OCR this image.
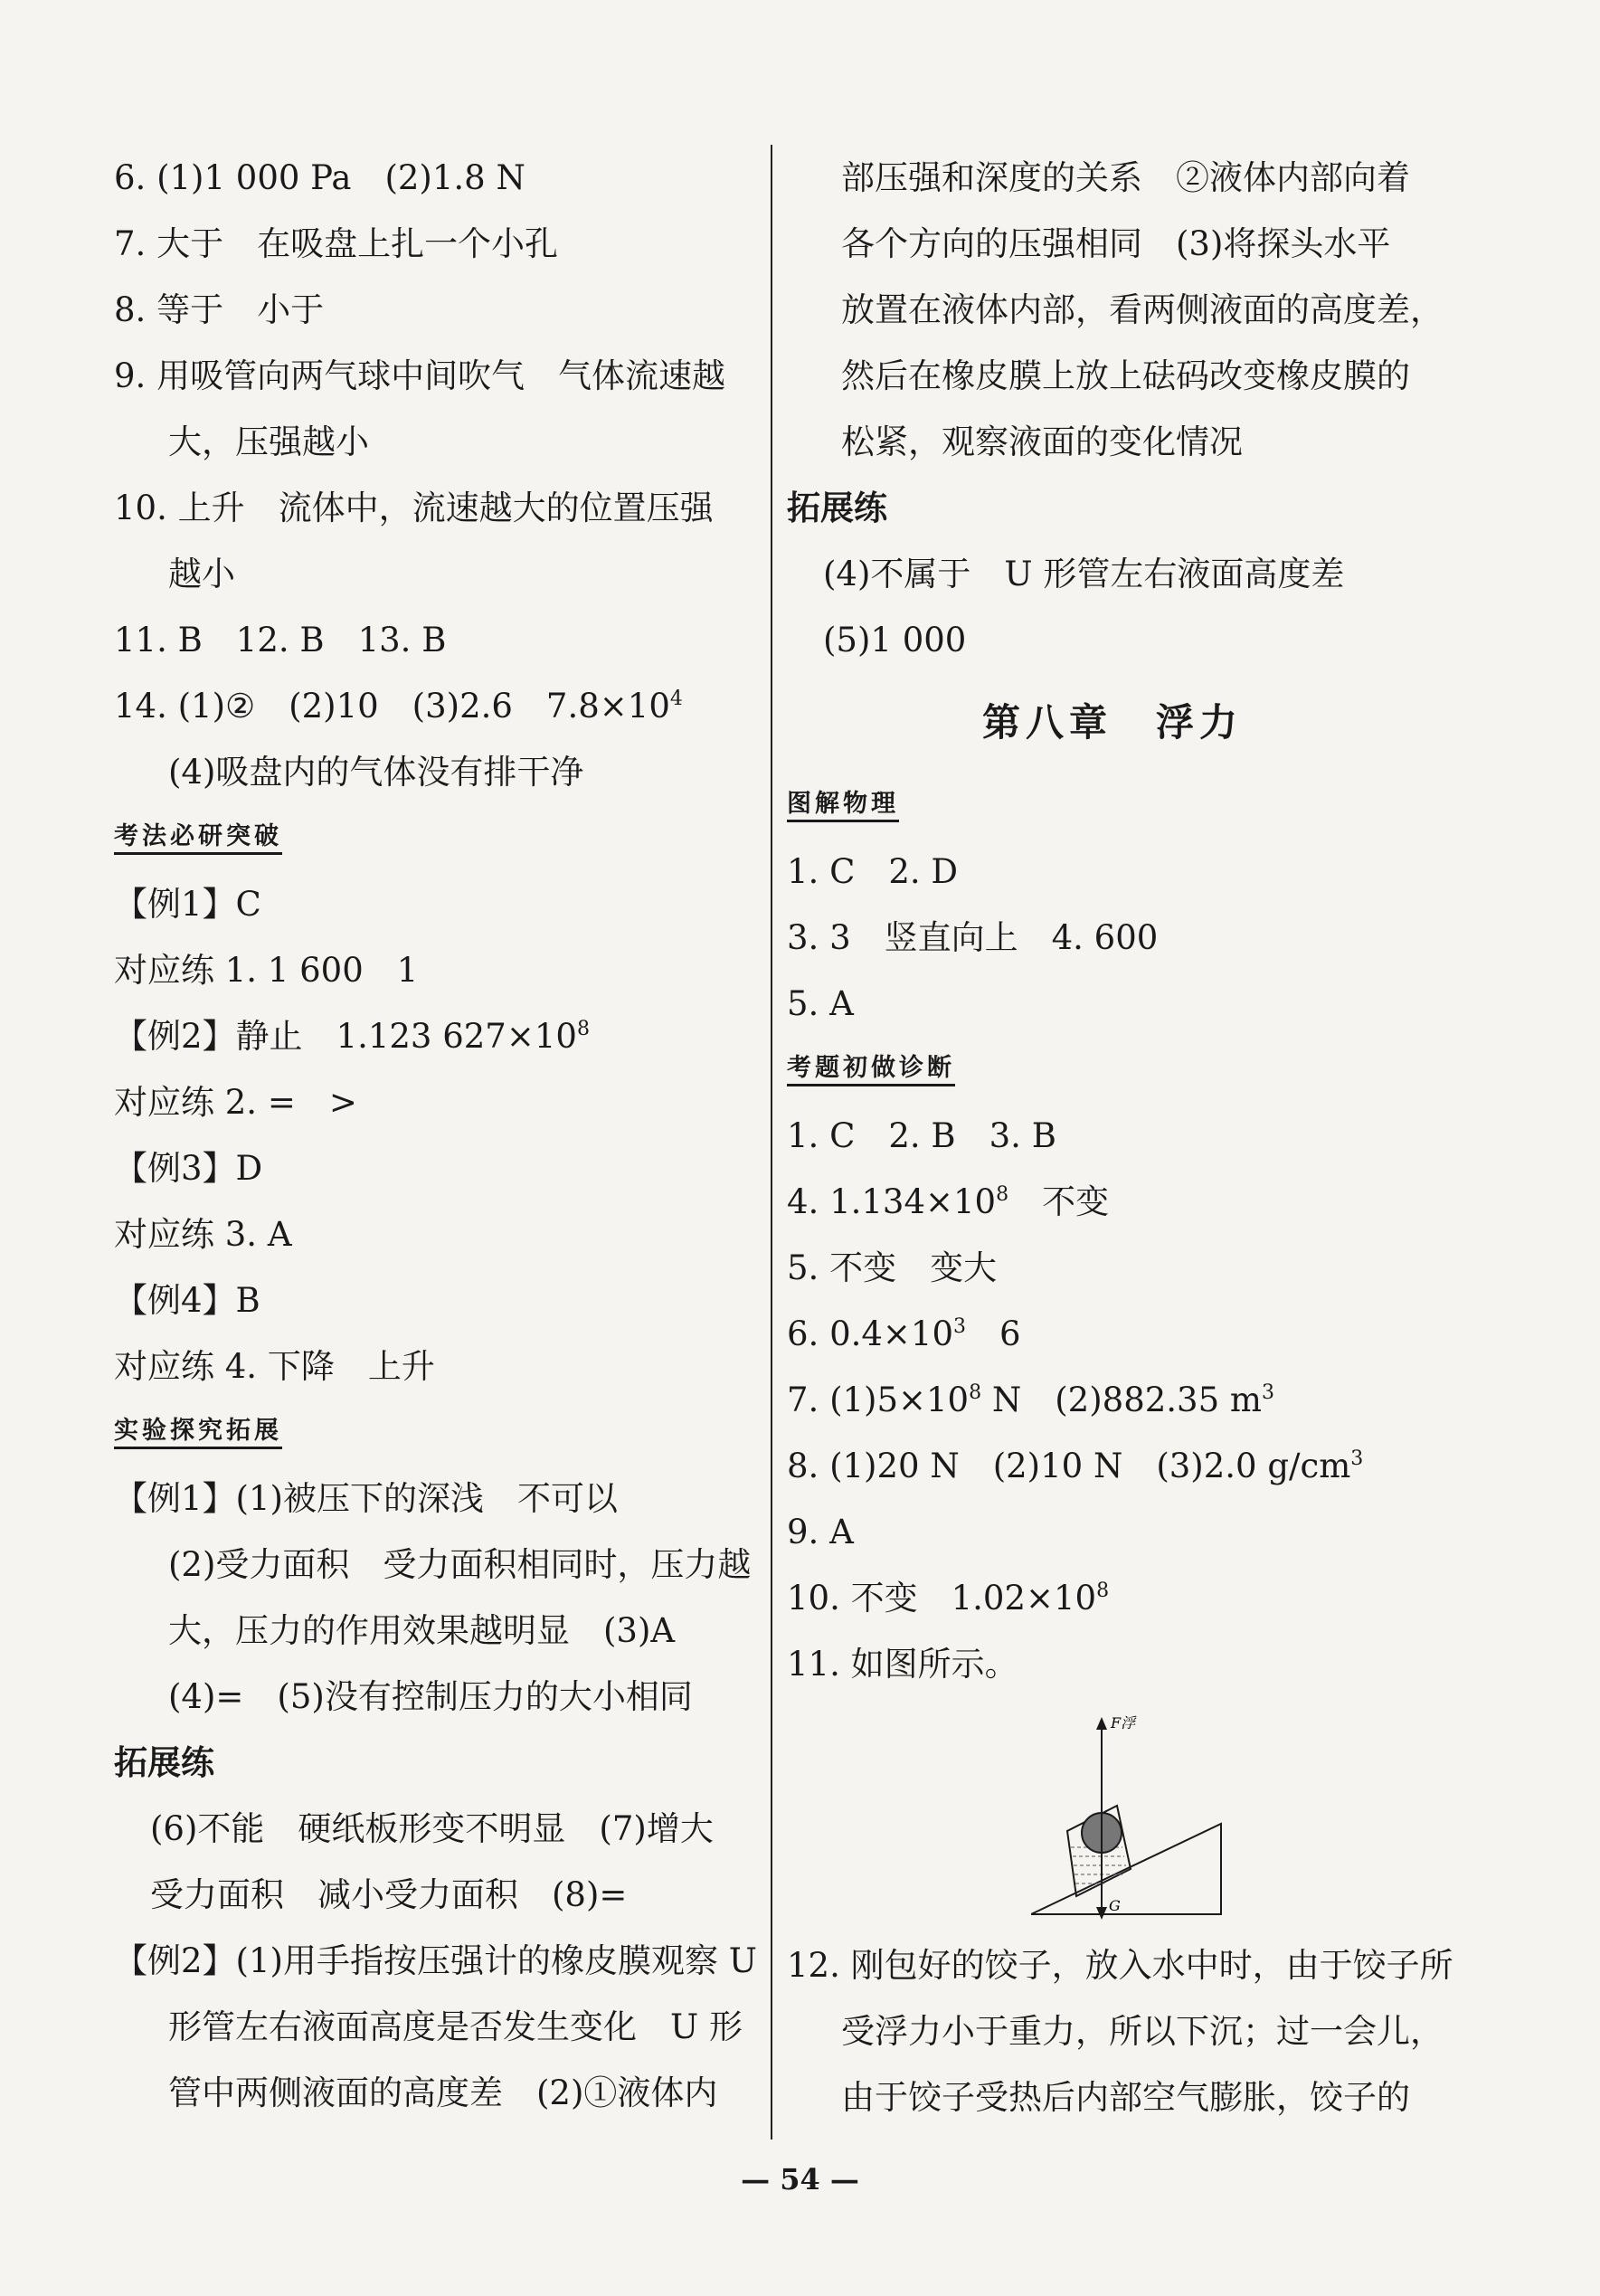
6. (1)1 000 Pa　(2)1.8 N
7. 大于　在吸盘上扎一个小孔
8. 等于　小于
9. 用吸管向两气球中间吹气　气体流速越
大，压强越小
10. 上升　流体中，流速越大的位置压强
越小
11. B　12. B　13. B
14. (1)②　(2)10　(3)2.6　$7.8\times 10^4$
(4)吸盘内的气体没有排干净
考法必研突破
【例1】C
对应练 1. 1 600　1
【例2】静止　1.123 $627\times 10^8$
对应练 2. =　>
【例3】D
对应练 3. A
【例4】B
对应练 4. 下降　上升
实验探究拓展
【例1】(1)被压下的深浅　不可以
(2)受力面积　受力面积相同时，压力越
大，压力的作用效果越明显　(3)A
(4)=　(5)没有控制压力的大小相同
拓展练
(6)不能　硬纸板形变不明显　(7)增大
受力面积　减小受力面积　(8)=
【例2】(1)用手指按压强计的橡皮膜观察 U
形管左右液面高度是否发生变化　U 形
管中两侧液面的高度差　(2)①液体内
部压强和深度的关系　②液体内部向着
各个方向的压强相同　(3)将探头水平
放置在液体内部，看两侧液面的高度差，
然后在橡皮膜上放上砝码改变橡皮膜的
松紧，观察液面的变化情况
拓展练
(4)不属于　U 形管左右液面高度差
(5)1 000
第八章　浮力
图解物理
1. C　2. D
3. 3　竖直向上　4. 600
5. A
考题初做诊断
1. C　2. B　3. B
4. $1.134\times 10^8$　不变
5. 不变　变大
6. $0.4\times 10^3$　6
7. $(1)5\times 10^8$ N　(2)882.35 $m^3$
8. (1)20 N　(2)10 N　(3)2.0 $g/cm^3$
9. A
10. 不变　$1.02\times 10^8$
11. 如图所示。
F浮
G
12. 刚包好的饺子，放入水中时，由于饺子所
受浮力小于重力，所以下沉；过一会儿，
由于饺子受热后内部空气膨胀，饺子的
— 54 —
